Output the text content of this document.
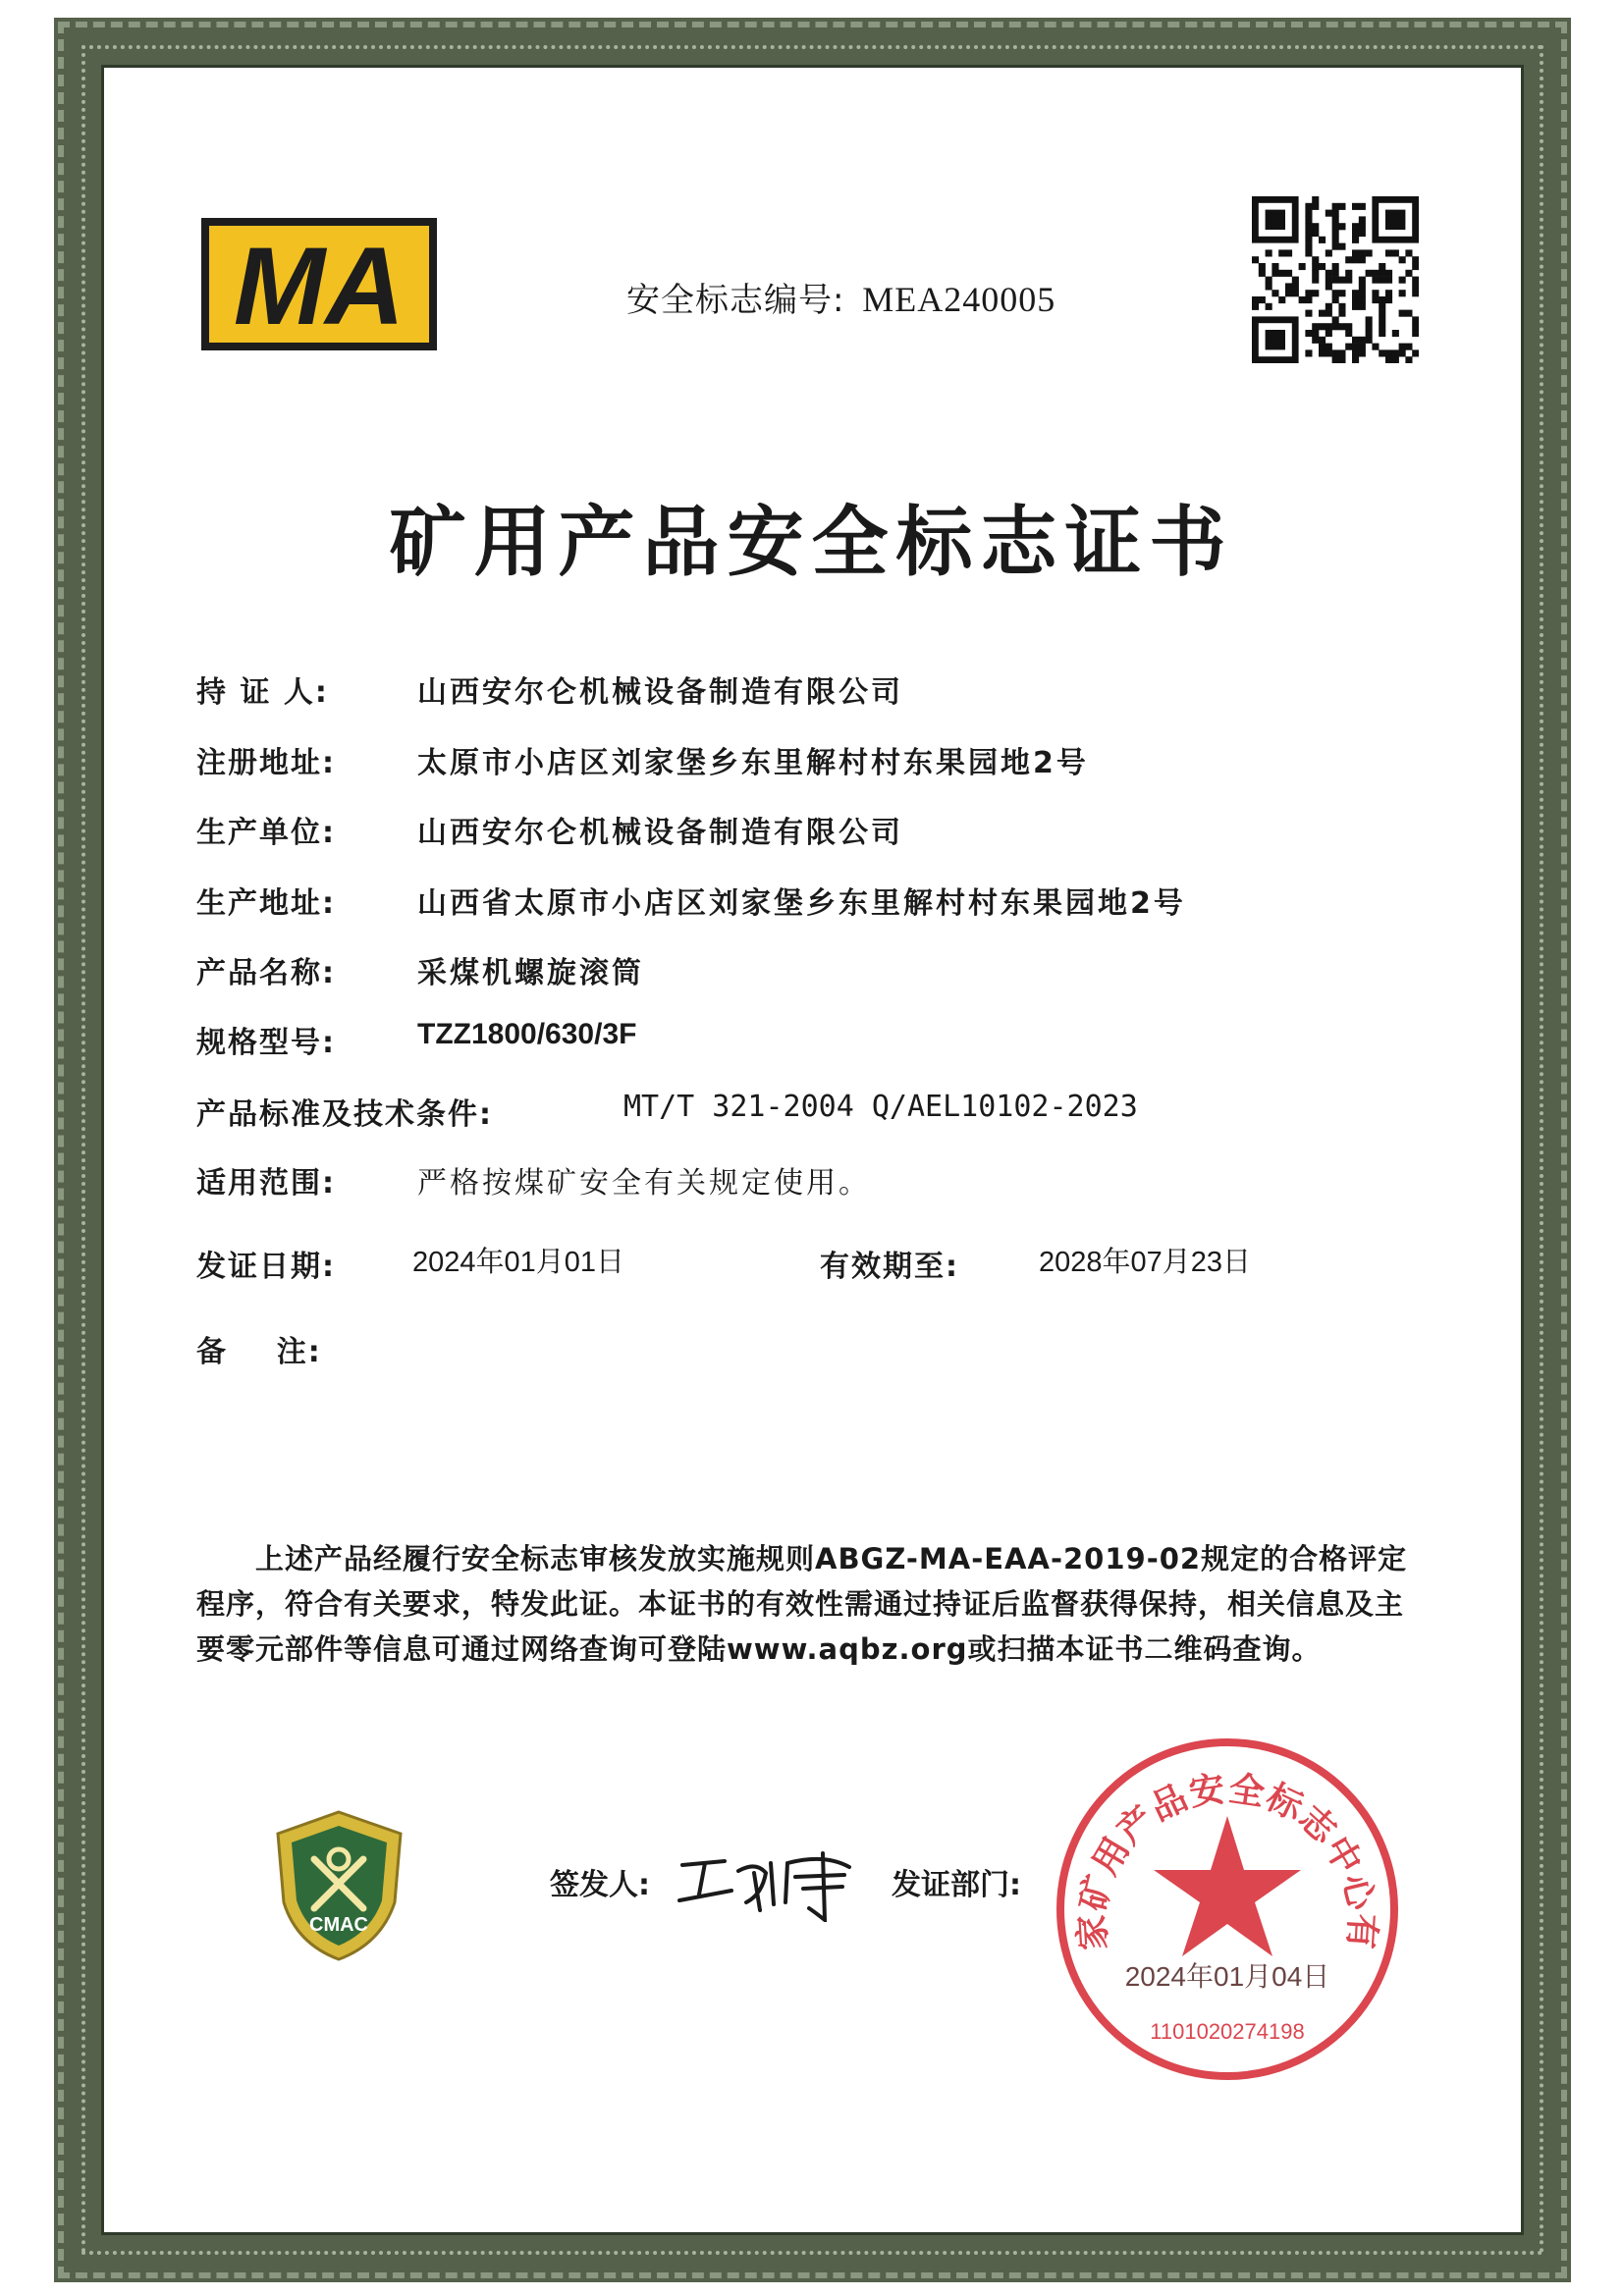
MA	安全标志编号: MEA240005
矿用产品安全标志证书
持 证 人:	山西安尔仑机械设备制造有限公司
注册地址:	太原市小店区刘家堡乡东里解村村东果园地2号
生产单位:	山西安尔仑机械设备制造有限公司
生产地址:	山西省太原市小店区刘家堡乡东里解村村东果园地2号
产品名称:	采煤机螺旋滚筒
规格型号:	TZZ1800/630/3F
产品标准及技术条件:	MT/T 321-2004 Q/AEL10102-2023
适用范围:	严格按煤矿安全有关规定使用。
发证日期:	2024年01月01日	有效期至:	2028年07月23日
备    注:
上述产品经履行安全标志审核发放实施规则ABGZ-MA-EAA-2019-02规定的合格评定程序，符合有关要求，特发此证。本证书的有效性需通过持证后监督获得保持，相关信息及主要零元部件等信息可通过网络查询可登陆www.aqbz.org或扫描本证书二维码查询。
CMAC
签发人:	发证部门:
家矿用产品安全标志中心有
2024年01月04日
1101020274198
